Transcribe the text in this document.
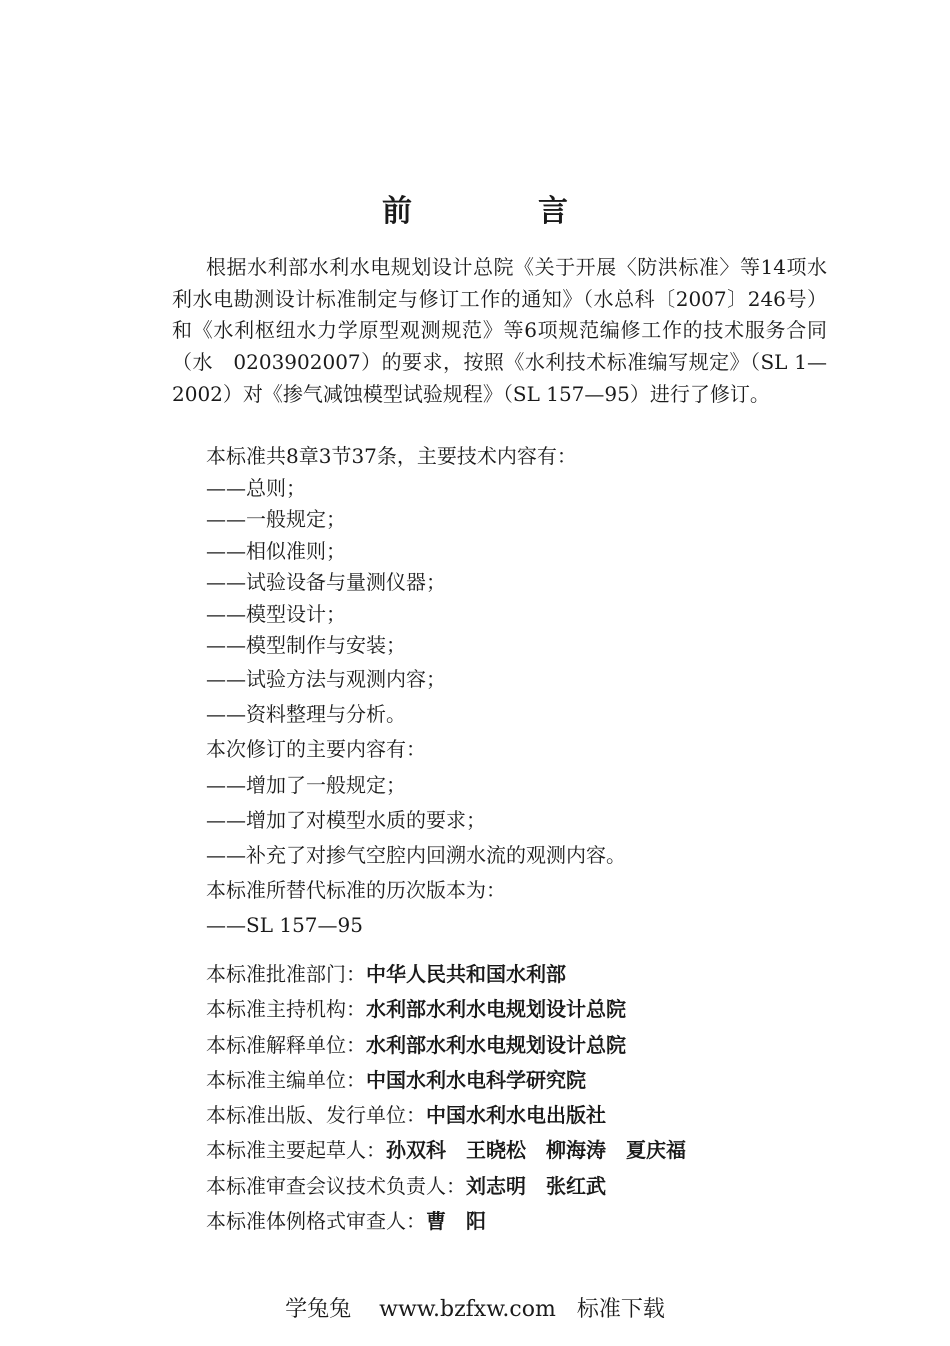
前　言

根据水利部水利水电规划设计总院《关于开展〈防洪标准〉等14项水利水电勘测设计标准制定与修订工作的通知》（水总科〔2007〕246号）和《水利枢纽水力学原型观测规范》等6项规范编修工作的技术服务合同（水　0203902007）的要求，按照《水利技术标准编写规定》（SL 1—2002）对《掺气减蚀模型试验规程》（SL 157—95）进行了修订。

本标准共8章3节37条，主要技术内容有：
——总则；
——一般规定；
——相似准则；
——试验设备与量测仪器；
——模型设计；
——模型制作与安装；
——试验方法与观测内容；
——资料整理与分析。
本次修订的主要内容有：
——增加了一般规定；
——增加了对模型水质的要求；
——补充了对掺气空腔内回溯水流的观测内容。
本标准所替代标准的历次版本为：
——SL 157—95
本标准批准部门：中华人民共和国水利部
本标准主持机构：水利部水利水电规划设计总院
本标准解释单位：水利部水利水电规划设计总院
本标准主编单位：中国水利水电科学研究院
本标准出版、发行单位：中国水利水电出版社
本标准主要起草人：孙双科　王晓松　柳海涛　夏庆福
本标准审查会议技术负责人：刘志明　张红武
本标准体例格式审查人：曹　阳
学兔兔    www.bzfxw.com   标准下载
